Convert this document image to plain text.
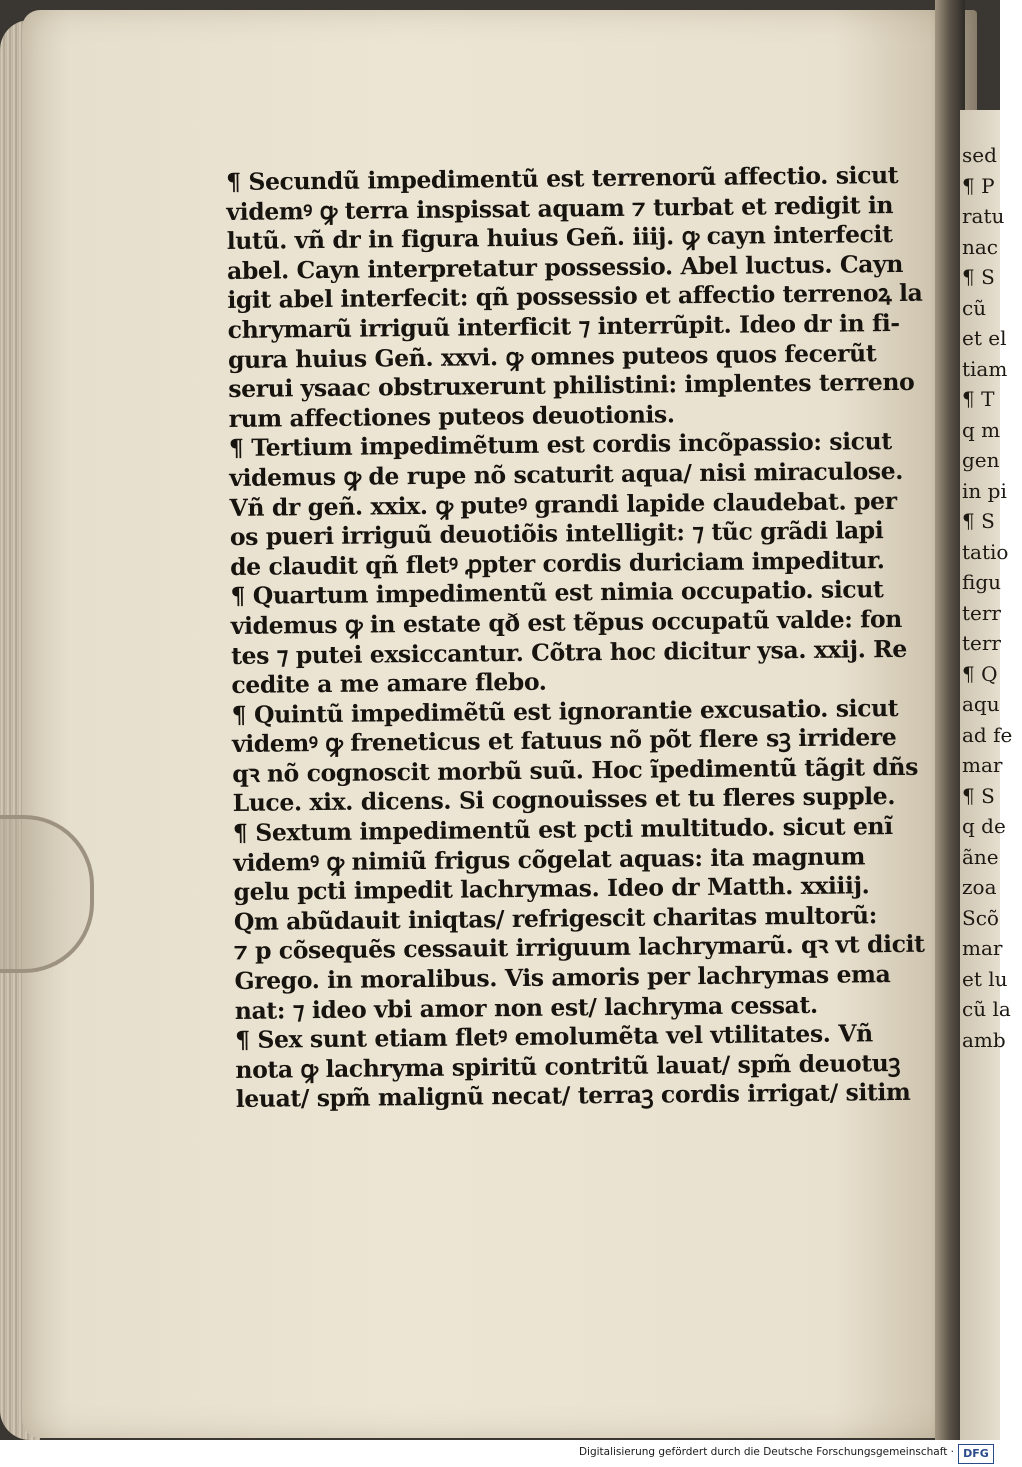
sed
¶ P
ratu
nac
¶ S
cũ
et el
tiam
¶ T
q m
gen
in pi
¶ S
tatio
figu
terr
terr
¶ Q
aqu
ad fe
mar
¶ S
q de
ãne
zoa
Scõ
mar
et lu
cũ la
amb
¶ Secundũ impedimentũ est terrenorũ affectio. sicut
videmꝰ ꝙ terra inspissat aquam ⁊ turbat et redigit in
lutũ. vñ dr in figura huius Geñ. iiij. ꝙ cayn interfecit
abel. Cayn interpretatur possessio. Abel luctus. Cayn
igit abel interfecit: qñ possessio et affectio terrenoꝝ la
chrymarũ irriguũ interficit ⁊ interrũpit. Ideo dr in fi-
gura huius Geñ. xxvi. ꝙ omnes puteos quos fecerũt
serui ysaac obstruxerunt philistini: implentes terreno
rum affectiones puteos deuotionis.
¶ Tertium impedimẽtum est cordis incõpassio: sicut
videmus ꝙ de rupe nõ scaturit aqua/ nisi miraculose.
Vñ dr geñ. xxix. ꝙ puteꝰ grandi lapide claudebat. per
os pueri irriguũ deuotiõis intelligit: ⁊ tũc grãdi lapi
de claudit qñ fletꝰ ꝓpter cordis duriciam impeditur.
¶ Quartum impedimentũ est nimia occupatio. sicut
videmus ꝙ in estate qð est tẽpus occupatũ valde: fon
tes ⁊ putei exsiccantur. Cõtra hoc dicitur ysa. xxij. Re
cedite a me amare flebo.
¶ Quintũ impedimẽtũ est ignorantie excusatio. sicut
videmꝰ ꝙ freneticus et fatuus nõ põt flere sꝫ irridere
qꝛ nõ cognoscit morbũ suũ. Hoc ĩpedimentũ tãgit dñs
Luce. xix. dicens. Si cognouisses et tu fleres supple.
¶ Sextum impedimentũ est pcti multitudo. sicut enĩ
videmꝰ ꝙ nimiũ frigus cõgelat aquas: ita magnum
gelu pcti impedit lachrymas. Ideo dr Matth. xxiiij.
Qm abũdauit iniqtas/ refrigescit charitas multorũ:
⁊ p cõsequẽs cessauit irriguum lachrymarũ. qꝛ vt dicit
Grego. in moralibus. Vis amoris per lachrymas ema
nat: ⁊ ideo vbi amor non est/ lachryma cessat.
¶ Sex sunt etiam fletꝰ emolumẽta vel vtilitates. Vñ
nota ꝙ lachryma spiritũ contritũ lauat/ spm̃ deuotuꝫ
leuat/ spm̃ malignũ necat/ terraꝫ cordis irrigat/ sitim
Digitalisierung gefördert durch die Deutsche Forschungsgemeinschaft · DFG
